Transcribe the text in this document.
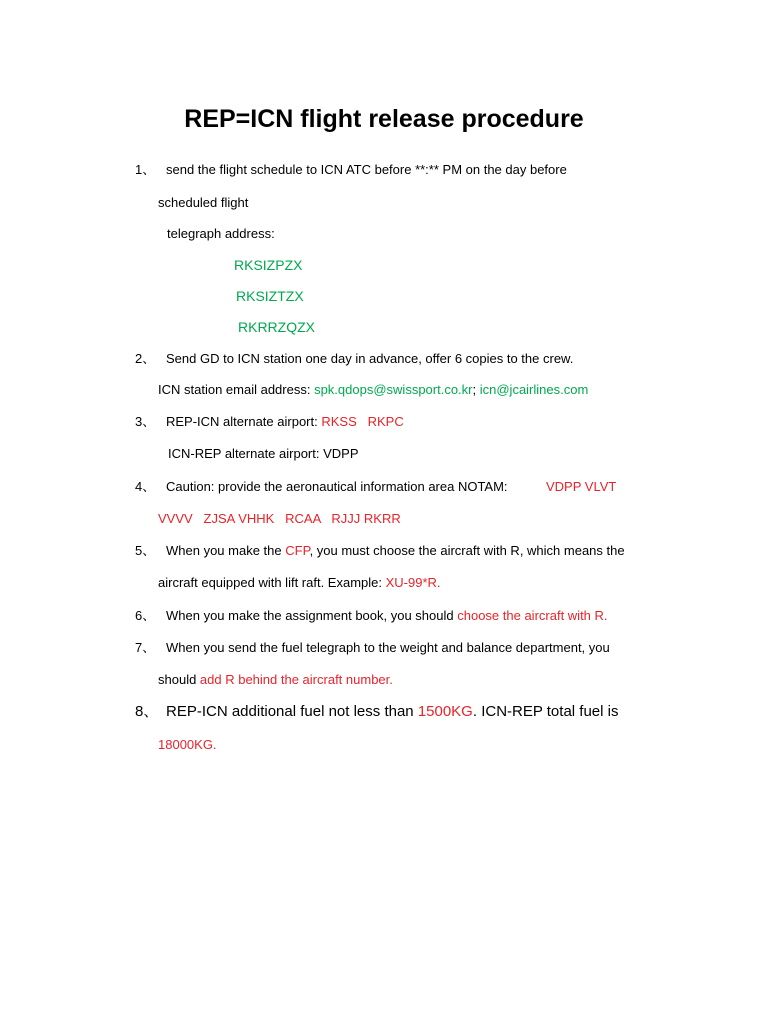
REP=ICN flight release procedure
1、 send the flight schedule to ICN ATC before **:** PM on the day before
scheduled flight
telegraph address:
RKSIZPZX
RKSIZTZX
RKRRZQZX
2、 Send GD to ICN station one day in advance, offer 6 copies to the crew.
ICN station email address: spk.qdops@swissport.co.kr; icn@jcairlines.com
3、 REP-ICN alternate airport: RKSS RKPC
ICN-REP alternate airport: VDPP
4、 Caution: provide the aeronautical information area NOTAM:	VDPP VLVT
VVVV   ZJSA VHHK   RCAA   RJJJ RKRR
5、 When you make the CFP, you must choose the aircraft with R, which means the
aircraft equipped with lift raft. Example: XU-99*R.
6、 When you make the assignment book, you should choose the aircraft with R.
7、 When you send the fuel telegraph to the weight and balance department, you
should add R behind the aircraft number.
8、 REP-ICN additional fuel not less than 1500KG. ICN-REP total fuel is
18000KG.
